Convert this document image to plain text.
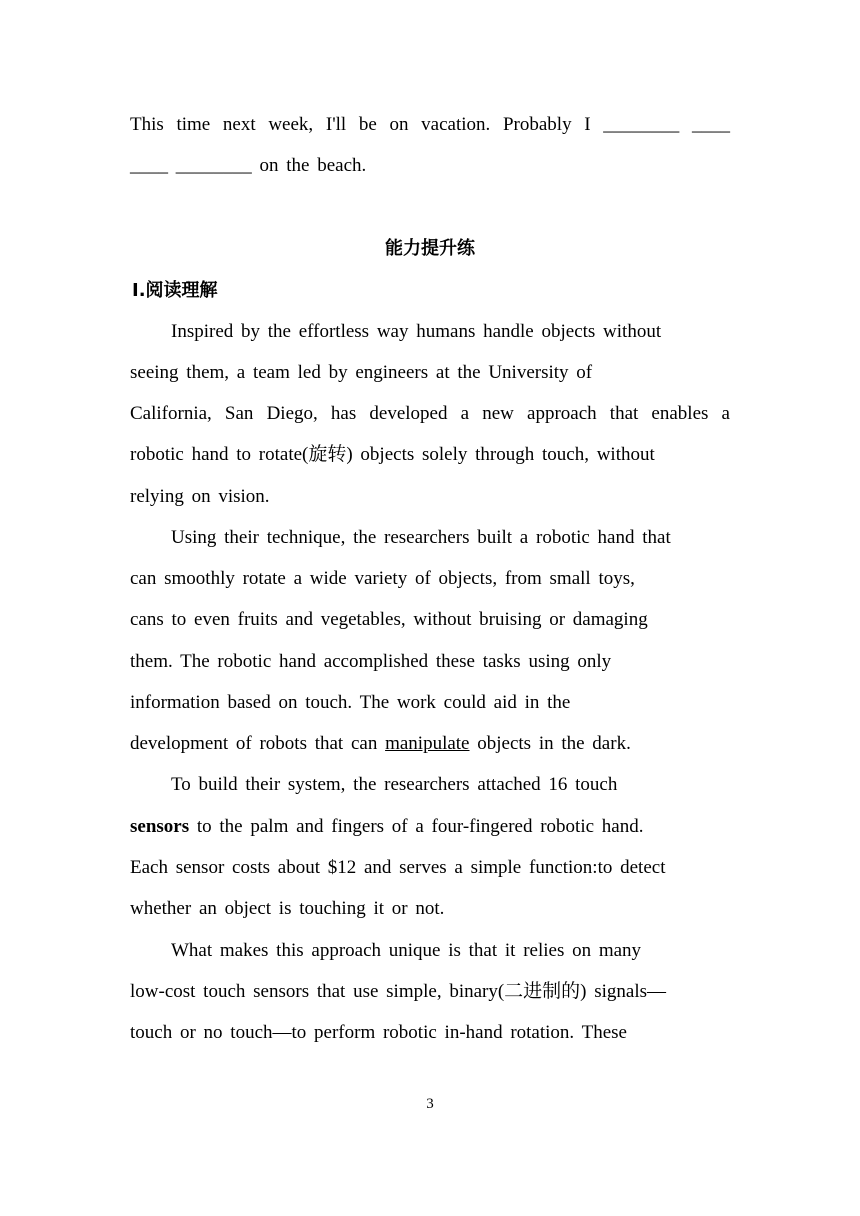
This time next week, I'll be on vacation. Probably I ________ ____
____ ________ on the beach.
能力提升练
Ⅰ.阅读理解
Inspired by the effortless way humans handle objects without
seeing them, a team led by engineers at the University of
California, San Diego, has developed a new approach that enables a
robotic hand to rotate(旋转) objects solely through touch, without
relying on vision.
Using their technique, the researchers built a robotic hand that
can smoothly rotate a wide variety of objects, from small toys,
cans to even fruits and vegetables, without bruising or damaging
them. The robotic hand accomplished these tasks using only
information based on touch. The work could aid in the
development of robots that can manipulate objects in the dark.
To build their system, the researchers attached 16 touch
sensors to the palm and fingers of a four-fingered robotic hand.
Each sensor costs about $12 and serves a simple function:to detect
whether an object is touching it or not.
What makes this approach unique is that it relies on many
low-cost touch sensors that use simple, binary(二进制的) signals—
touch or no touch—to perform robotic in-hand rotation. These
3
